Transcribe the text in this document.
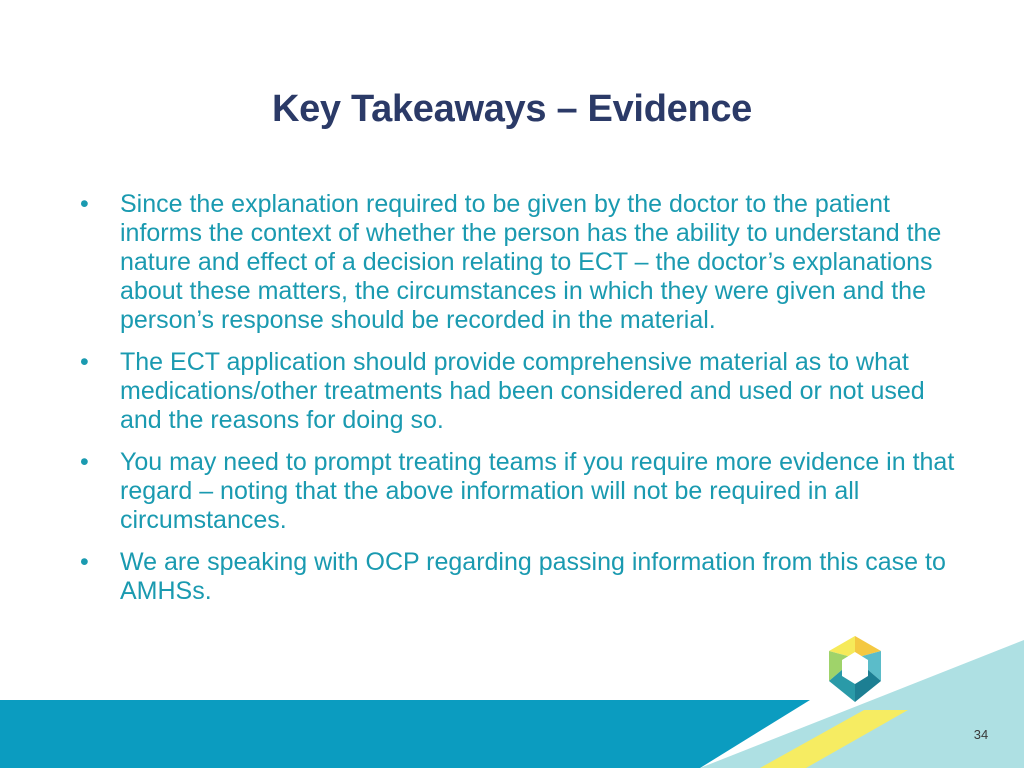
Key Takeaways – Evidence
• Since the explanation required to be given by the doctor to the patient informs the context of whether the person has the ability to understand the nature and effect of a decision relating to ECT – the doctor’s explanations about these matters, the circumstances in which they were given and the person’s response should be recorded in the material.
• The ECT application should provide comprehensive material as to what medications/other treatments had been considered and used or not used and the reasons for doing so.
• You may need to prompt treating teams if you require more evidence in that regard – noting that the above information will not be required in all circumstances.
• We are speaking with OCP regarding passing information from this case to AMHSs.
34
